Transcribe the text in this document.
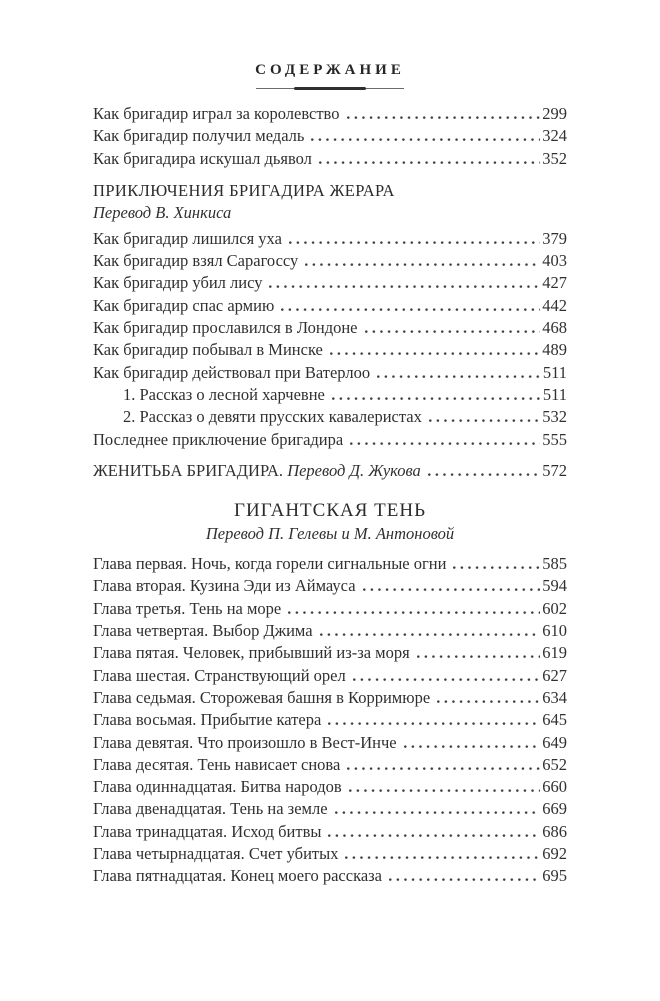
СОДЕРЖАНИЕ
Как бригадир играл за королевство	299
Как бригадир получил медаль	324
Как бригадира искушал дьявол	352
ПРИКЛЮЧЕНИЯ БРИГАДИРА ЖЕРАРА
Перевод В. Хинкиса
Как бригадир лишился уха	379
Как бригадир взял Сарагоссу	403
Как бригадир убил лису	427
Как бригадир спас армию	442
Как бригадир прославился в Лондоне	468
Как бригадир побывал в Минске	489
Как бригадир действовал при Ватерлоо	511
1. Рассказ о лесной харчевне	511
2. Рассказ о девяти прусских кавалеристах	532
Последнее приключение бригадира	555
ЖЕНИТЬБА БРИГАДИРА. Перевод Д. Жукова	572
ГИГАНТСКАЯ ТЕНЬ
Перевод П. Гелевы и М. Антоновой
Глава первая. Ночь, когда горели сигнальные огни	585
Глава вторая. Кузина Эди из Аймауса	594
Глава третья. Тень на море	602
Глава четвертая. Выбор Джима	610
Глава пятая. Человек, прибывший из-за моря	619
Глава шестая. Странствующий орел	627
Глава седьмая. Сторожевая башня в Корримюре	634
Глава восьмая. Прибытие катера	645
Глава девятая. Что произошло в Вест-Инче	649
Глава десятая. Тень нависает снова	652
Глава одиннадцатая. Битва народов	660
Глава двенадцатая. Тень на земле	669
Глава тринадцатая. Исход битвы	686
Глава четырнадцатая. Счет убитых	692
Глава пятнадцатая. Конец моего рассказа	695
